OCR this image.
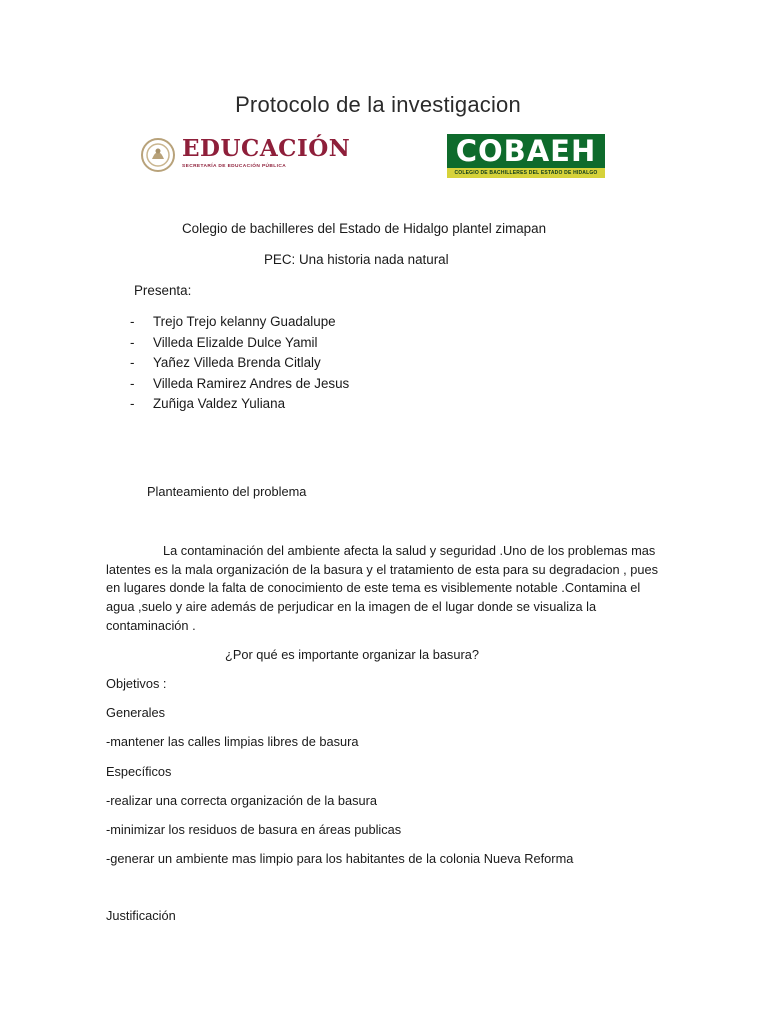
Protocolo de la investigacion
EDUCACIÓN
SECRETARÍA DE EDUCACIÓN PÚBLICA	COBAEH
COLEGIO DE BACHILLERES DEL ESTADO DE HIDALGO
Colegio de bachilleres del Estado de Hidalgo plantel zimapan
PEC: Una historia nada natural
Presenta:
- Trejo Trejo kelanny Guadalupe
- Villeda Elizalde Dulce Yamil
- Yañez Villeda Brenda Citlaly
- Villeda Ramirez Andres de Jesus
- Zuñiga Valdez Yuliana
Planteamiento del problema
La contaminación del ambiente afecta la salud y seguridad .Uno de los problemas mas
latentes es la mala organización de la basura y el tratamiento de esta para su degradacion , pues
en lugares donde la falta de conocimiento de este tema es visiblemente notable .Contamina el
agua ,suelo y aire además de perjudicar en la imagen de el lugar donde se visualiza la
contaminación .
¿Por qué es importante organizar la basura?
Objetivos :
Generales
-mantener las calles limpias libres de basura
Específicos
-realizar una correcta organización de la basura
-minimizar los residuos de basura en áreas publicas
-generar un ambiente mas limpio para los habitantes de la colonia Nueva Reforma
Justificación
